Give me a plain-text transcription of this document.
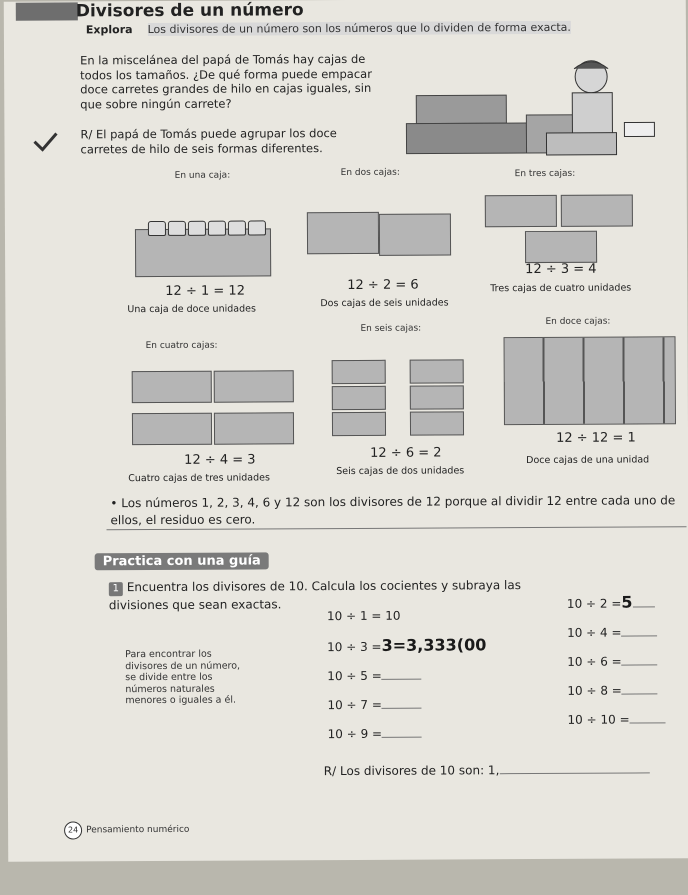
Divisores de un número
Explora Los divisores de un número son los números que lo dividen de forma exacta.
En la miscelánea del papá de Tomás hay cajas de todos los tamaños. ¿De qué forma puede empacar doce carretes grandes de hilo en cajas iguales, sin que sobre ningún carrete?
R/ El papá de Tomás puede agrupar los doce carretes de hilo de seis formas diferentes.
En una caja:
12 ÷ 1 = 12
Una caja de doce unidades
En dos cajas:
12 ÷ 2 = 6
Dos cajas de seis unidades
En tres cajas:
12 ÷ 3 = 4
Tres cajas de cuatro unidades
En cuatro cajas:
12 ÷ 4 = 3
Cuatro cajas de tres unidades
En seis cajas:
12 ÷ 6 = 2
Seis cajas de dos unidades
En doce cajas:
12 ÷ 12 = 1
Doce cajas de una unidad
• Los números 1, 2, 3, 4, 6 y 12 son los divisores de 12 porque al dividir 12 entre cada uno de ellos, el residuo es cero.
Practica con una guía
1 Encuentra los divisores de 10. Calcula los cocientes y subraya las divisiones que sean exactas.
Para encontrar los divisores de un número, se divide entre los números naturales menores o iguales a él.
10 ÷ 1 = 10
10 ÷ 3 =3=3,333(00
10 ÷ 5 =
10 ÷ 7 =
10 ÷ 9 =
10 ÷ 2 =5
10 ÷ 4 =
10 ÷ 6 =
10 ÷ 8 =
10 ÷ 10 =
R/ Los divisores de 10 son: 1,
24 Pensamiento numérico
